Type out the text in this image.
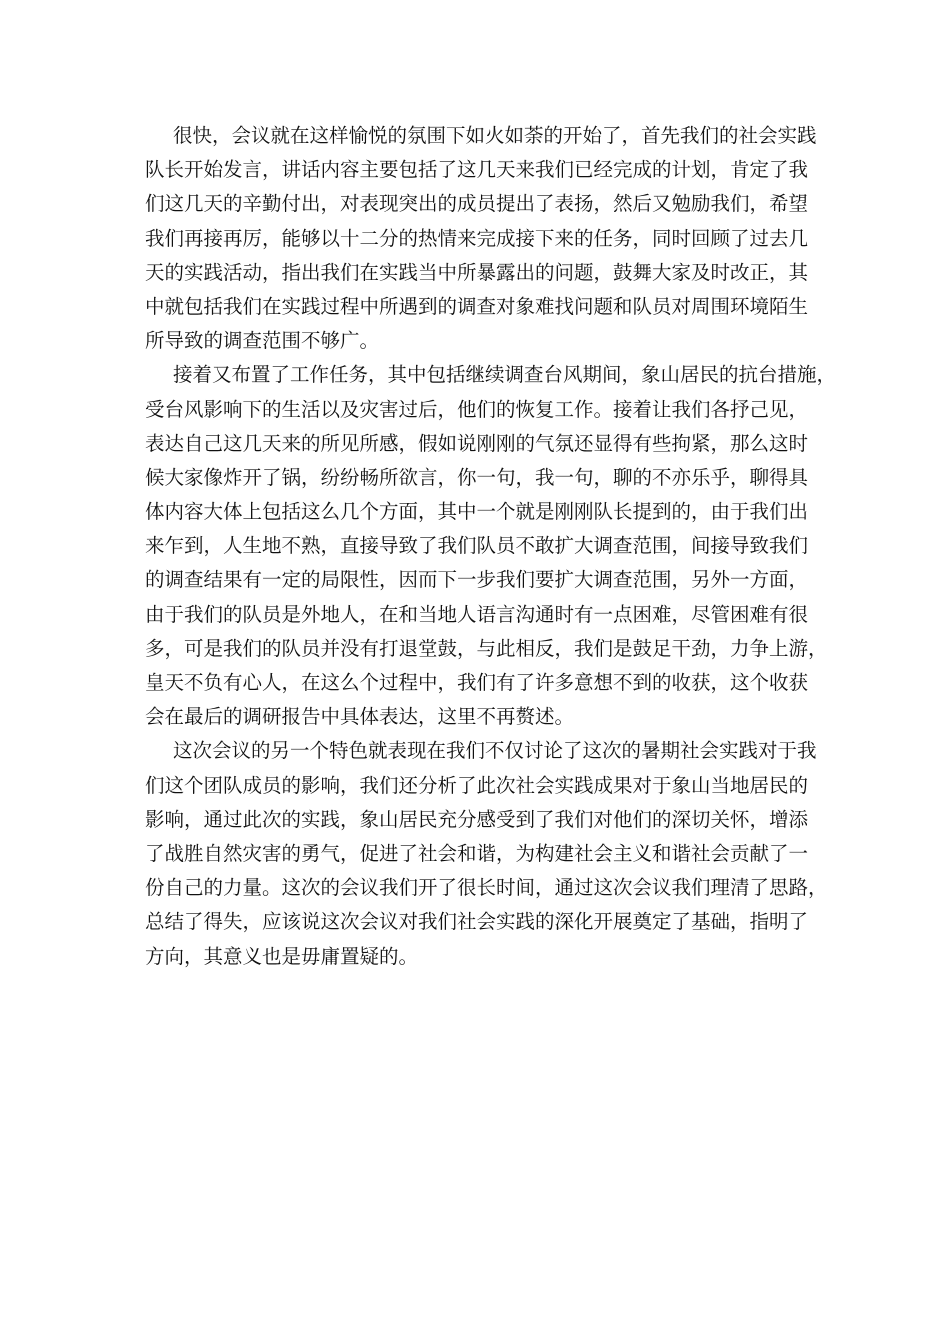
很快，会议就在这样愉悦的氛围下如火如荼的开始了，首先我们的社会实践
队长开始发言，讲话内容主要包括了这几天来我们已经完成的计划，肯定了我
们这几天的辛勤付出，对表现突出的成员提出了表扬，然后又勉励我们，希望
我们再接再厉，能够以十二分的热情来完成接下来的任务，同时回顾了过去几
天的实践活动，指出我们在实践当中所暴露出的问题，鼓舞大家及时改正，其
中就包括我们在实践过程中所遇到的调查对象难找问题和队员对周围环境陌生
所导致的调查范围不够广。
接着又布置了工作任务，其中包括继续调查台风期间，象山居民的抗台措施，
受台风影响下的生活以及灾害过后，他们的恢复工作。接着让我们各抒己见，
表达自己这几天来的所见所感，假如说刚刚的气氛还显得有些拘紧，那么这时
候大家像炸开了锅，纷纷畅所欲言，你一句，我一句，聊的不亦乐乎，聊得具
体内容大体上包括这么几个方面，其中一个就是刚刚队长提到的，由于我们出
来乍到，人生地不熟，直接导致了我们队员不敢扩大调查范围，间接导致我们
的调查结果有一定的局限性，因而下一步我们要扩大调查范围，另外一方面，
由于我们的队员是外地人，在和当地人语言沟通时有一点困难，尽管困难有很
多，可是我们的队员并没有打退堂鼓，与此相反，我们是鼓足干劲，力争上游，
皇天不负有心人，在这么个过程中，我们有了许多意想不到的收获，这个收获
会在最后的调研报告中具体表达，这里不再赘述。
这次会议的另一个特色就表现在我们不仅讨论了这次的暑期社会实践对于我
们这个团队成员的影响，我们还分析了此次社会实践成果对于象山当地居民的
影响，通过此次的实践，象山居民充分感受到了我们对他们的深切关怀，增添
了战胜自然灾害的勇气，促进了社会和谐，为构建社会主义和谐社会贡献了一
份自己的力量。这次的会议我们开了很长时间，通过这次会议我们理清了思路，
总结了得失，应该说这次会议对我们社会实践的深化开展奠定了基础，指明了
方向，其意义也是毋庸置疑的。
